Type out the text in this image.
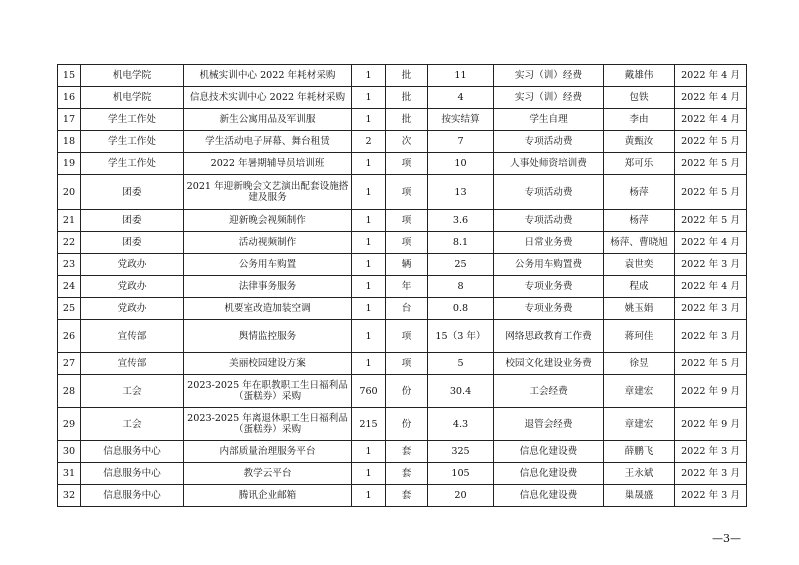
15	机电学院	机械实训中心 2022 年耗材采购	1	批	11	实习（训）经费	戴雄伟	2022 年 4 月
16	机电学院	信息技术实训中心 2022 年耗材采购	1	批	4	实习（训）经费	包铁	2022 年 4 月
17	学生工作处	新生公寓用品及军训服	1	批	按实结算	学生自理	李由	2022 年 4 月
18	学生工作处	学生活动电子屏幕、舞台租赁	2	次	7	专项活动费	黄甄汝	2022 年 5 月
19	学生工作处	2022 年暑期辅导员培训班	1	项	10	人事处师资培训费	郑可乐	2022 年 5 月
20	团委	2021 年迎新晚会文艺演出配套设施搭建及服务	1	项	13	专项活动费	杨萍	2022 年 5 月
21	团委	迎新晚会视频制作	1	项	3.6	专项活动费	杨萍	2022 年 5 月
22	团委	活动视频制作	1	项	8.1	日常业务费	杨萍、曹晓旭	2022 年 4 月
23	党政办	公务用车购置	1	辆	25	公务用车购置费	袁世奕	2022 年 3 月
24	党政办	法律事务服务	1	年	8	专项业务费	程成	2022 年 4 月
25	党政办	机要室改造加装空调	1	台	0.8	专项业务费	姚玉娟	2022 年 3 月
26	宣传部	舆情监控服务	1	项	15（3 年）	网络思政教育工作费	蒋珂佳	2022 年 3 月
27	宣传部	美丽校园建设方案	1	项	5	校园文化建设业务费	徐昱	2022 年 5 月
28	工会	2023-2025 年在职教职工生日福利品（蛋糕券）采购	760	份	30.4	工会经费	章建宏	2022 年 9 月
29	工会	2023-2025 年离退休职工生日福利品（蛋糕券）采购	215	份	4.3	退管会经费	章建宏	2022 年 9 月
30	信息服务中心	内部质量治理服务平台	1	套	325	信息化建设费	薛鹏飞	2022 年 3 月
31	信息服务中心	教学云平台	1	套	105	信息化建设费	王永斌	2022 年 3 月
32	信息服务中心	腾讯企业邮箱	1	套	20	信息化建设费	巢晟盛	2022 年 3 月
—3—
